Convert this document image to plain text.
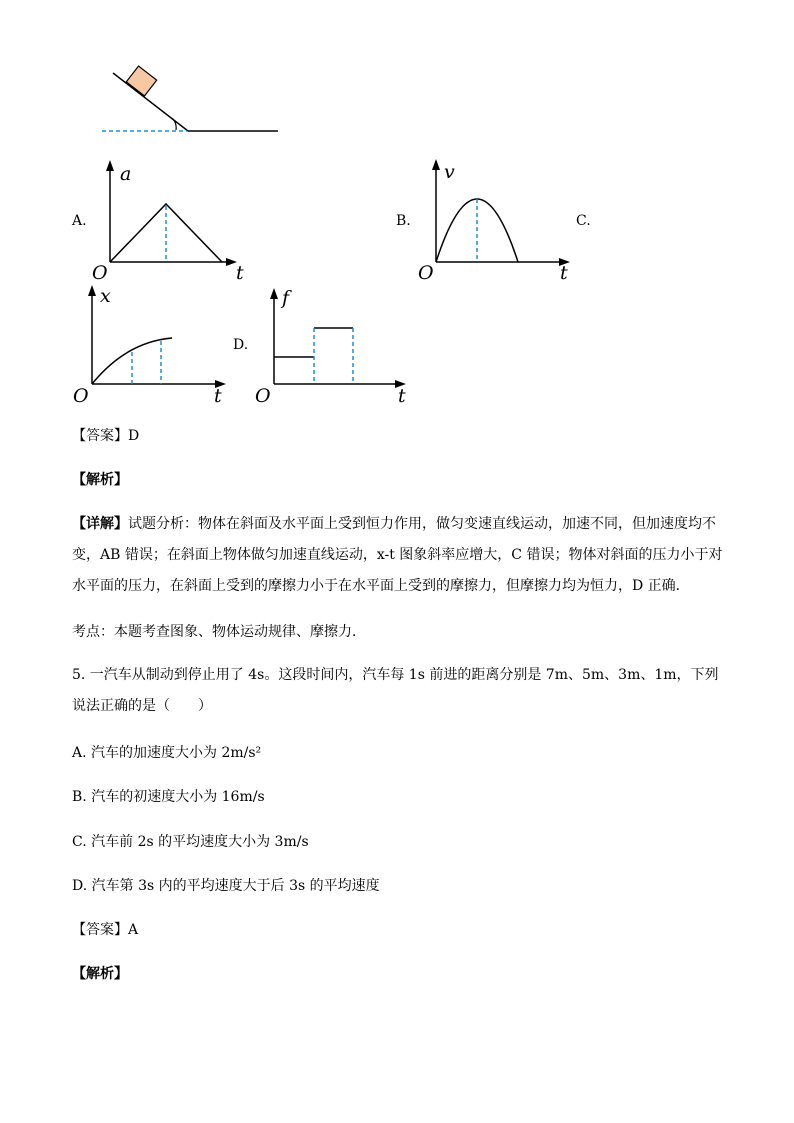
A.
a
t
O
B.
v
t
O
C.
x
t
O
D.
f
t
O
【答案】D
【解析】
【详解】试题分析：物体在斜面及水平面上受到恒力作用，做匀变速直线运动，加速不同，但加速度均不变，AB 错误；在斜面上物体做匀加速直线运动，x-t 图象斜率应增大，C 错误；物体对斜面的压力小于对水平面的压力，在斜面上受到的摩擦力小于在水平面上受到的摩擦力，但摩擦力均为恒力，D 正确．
考点：本题考查图象、物体运动规律、摩擦力．
5. 一汽车从制动到停止用了 4s。这段时间内，汽车每 1s 前进的距离分别是 7m、5m、3m、1m，下列说法正确的是（　　）
A. 汽车的加速度大小为 2m/s²
B. 汽车的初速度大小为 16m/s
C. 汽车前 2s 的平均速度大小为 3m/s
D. 汽车第 3s 内的平均速度大于后 3s 的平均速度
【答案】A
【解析】
